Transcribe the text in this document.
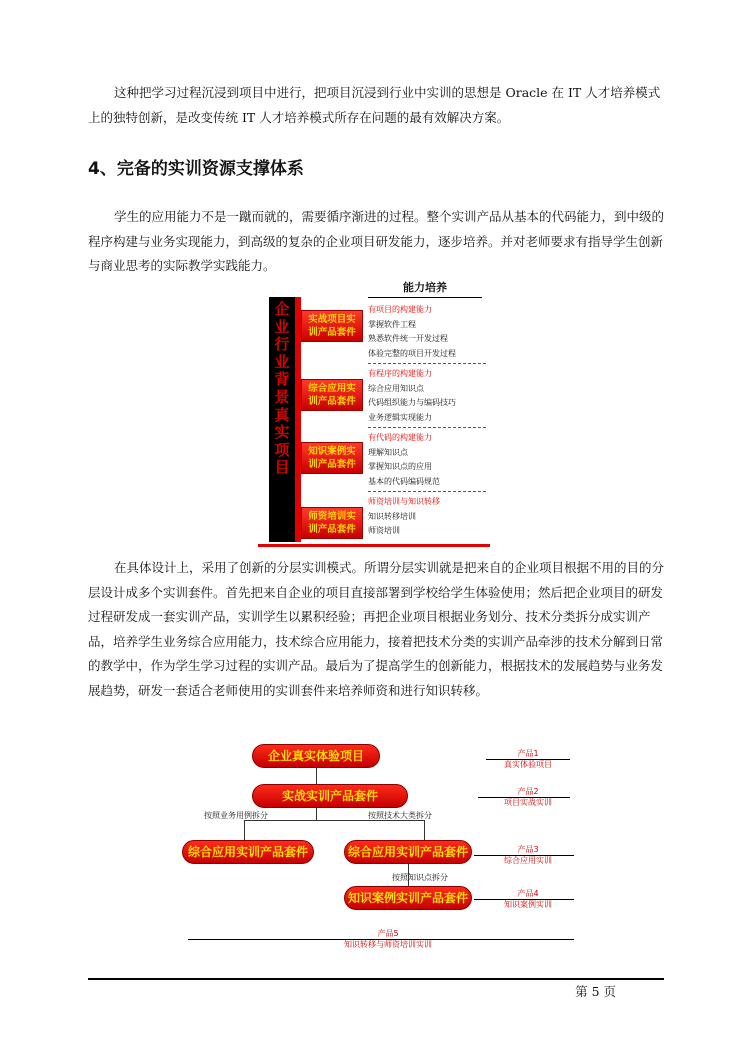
这种把学习过程沉浸到项目中进行，把项目沉浸到行业中实训的思想是 Oracle 在 IT 人才培养模式上的独特创新，是改变传统 IT 人才培养模式所存在问题的最有效解决方案。

4、完备的实训资源支撑体系

学生的应用能力不是一蹴而就的，需要循序渐进的过程。整个实训产品从基本的代码能力，到中级的程序构建与业务实现能力，到高级的复杂的企业项目研发能力，逐步培养。并对老师要求有指导学生创新与商业思考的实际教学实践能力。

企业行业背景真实项目
能力培养
实战项目实训产品套件
综合应用实训产品套件
知识案例实训产品套件
师资培训实训产品套件
有项目的构建能力
掌握软件工程
熟悉软件统一开发过程
体验完整的项目开发过程
有程序的构建能力
综合应用知识点
代码组织能力与编码技巧
业务逻辑实现能力
有代码的构建能力
理解知识点
掌握知识点的应用
基本的代码编码规范
师资培训与知识转移
知识转移培训
师资培训

在具体设计上，采用了创新的分层实训模式。所谓分层实训就是把来自的企业项目根据不用的目的分层设计成多个实训套件。首先把来自企业的项目直接部署到学校给学生体验使用；然后把企业项目的研发过程研发成一套实训产品，实训学生以累积经验；再把企业项目根据业务划分、技术分类拆分成实训产品，培养学生业务综合应用能力，技术综合应用能力，接着把技术分类的实训产品牵涉的技术分解到日常的教学中，作为学生学习过程的实训产品。最后为了提高学生的创新能力，根据技术的发展趋势与业务发展趋势，研发一套适合老师使用的实训套件来培养师资和进行知识转移。

企业真实体验项目
实战实训产品套件
按照业务用例拆分	按照技术大类拆分
综合应用实训产品套件	综合应用实训产品套件
按照知识点拆分
知识案例实训产品套件
产品1
真实体验项目
产品2
项目实战实训
产品3
综合应用实训
产品4
知识案例实训
产品5
知识转移与师资培训实训
第 5 页
